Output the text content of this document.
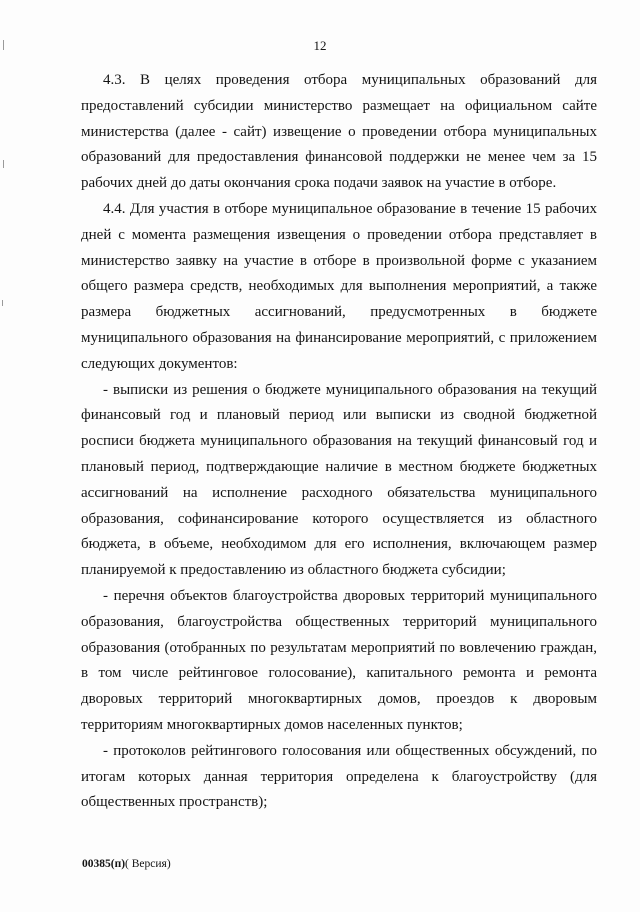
12

4.3. В целях проведения отбора муниципальных образований для предоставлений субсидии министерство размещает на официальном сайте министерства (далее - сайт) извещение о проведении отбора муниципальных образований для предоставления финансовой поддержки не менее чем за 15 рабочих дней до даты окончания срока подачи заявок на участие в отборе.

4.4. Для участия в отборе муниципальное образование в течение 15 рабочих дней с момента размещения извещения о проведении отбора представляет в министерство заявку на участие в отборе в произвольной форме с указанием общего размера средств, необходимых для выполнения мероприятий, а также размера бюджетных ассигнований, предусмотренных в бюджете муниципального образования на финансирование мероприятий, с приложением следующих документов:

- выписки из решения о бюджете муниципального образования на текущий финансовый год и плановый период или выписки из сводной бюджетной росписи бюджета муниципального образования на текущий финансовый год и плановый период, подтверждающие наличие в местном бюджете бюджетных ассигнований на исполнение расходного обязательства муниципального образования, софинансирование которого осуществляется из областного бюджета, в объеме, необходимом для его исполнения, включающем размер планируемой к предоставлению из областного бюджета субсидии;

- перечня объектов благоустройства дворовых территорий муниципального образования, благоустройства общественных территорий муниципального образования (отобранных по результатам мероприятий по вовлечению граждан, в том числе рейтинговое голосование), капитального ремонта и ремонта дворовых территорий многоквартирных домов, проездов к дворовым территориям многоквартирных домов населенных пунктов;

- протоколов рейтингового голосования или общественных обсуждений, по итогам которых данная территория определена к благоустройству (для общественных пространств);

00385(п)( Версия)
